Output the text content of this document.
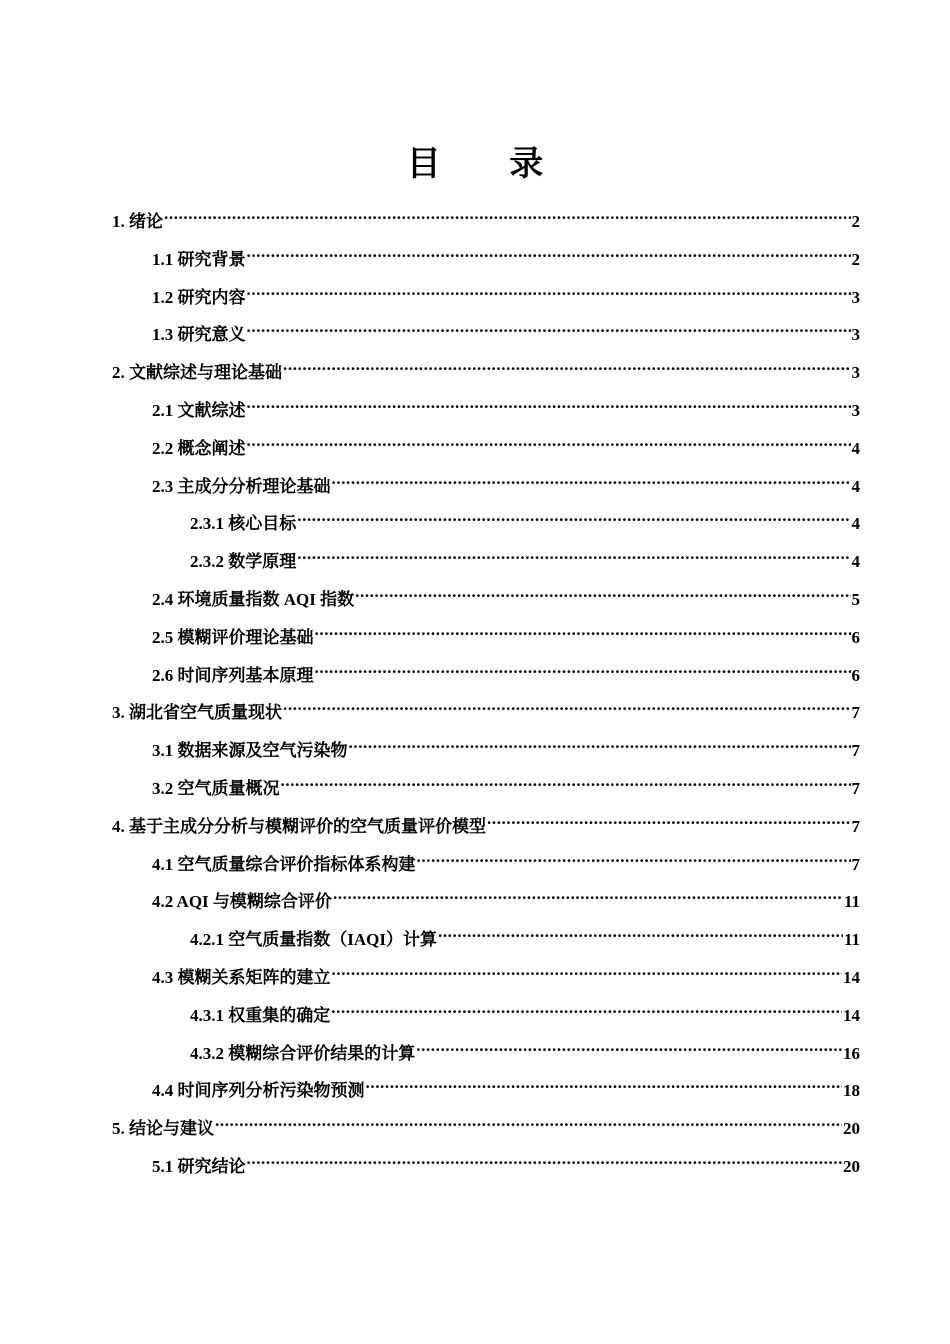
目 录
1. 绪论 .....	2
1.1 研究背景 .....	2
1.2 研究内容 .....	3
1.3 研究意义 .....	3
2. 文献综述与理论基础 .....	3
2.1 文献综述 .....	3
2.2 概念阐述 .....	4
2.3 主成分分析理论基础 .....	4
2.3.1 核心目标 .....	4
2.3.2 数学原理 .....	4
2.4 环境质量指数 AQI 指数 .....	5
2.5 模糊评价理论基础 .....	6
2.6 时间序列基本原理 .....	6
3. 湖北省空气质量现状 .....	7
3.1 数据来源及空气污染物 .....	7
3.2 空气质量概况 .....	7
4. 基于主成分分析与模糊评价的空气质量评价模型 .....	7
4.1 空气质量综合评价指标体系构建 .....	7
4.2 AQI 与模糊综合评价 .....	11
4.2.1 空气质量指数（IAQI）计算 .....	11
4.3 模糊关系矩阵的建立 .....	14
4.3.1 权重集的确定 .....	14
4.3.2 模糊综合评价结果的计算 .....	16
4.4 时间序列分析污染物预测 .....	18
5. 结论与建议 .....	20
5.1 研究结论 .....	20
